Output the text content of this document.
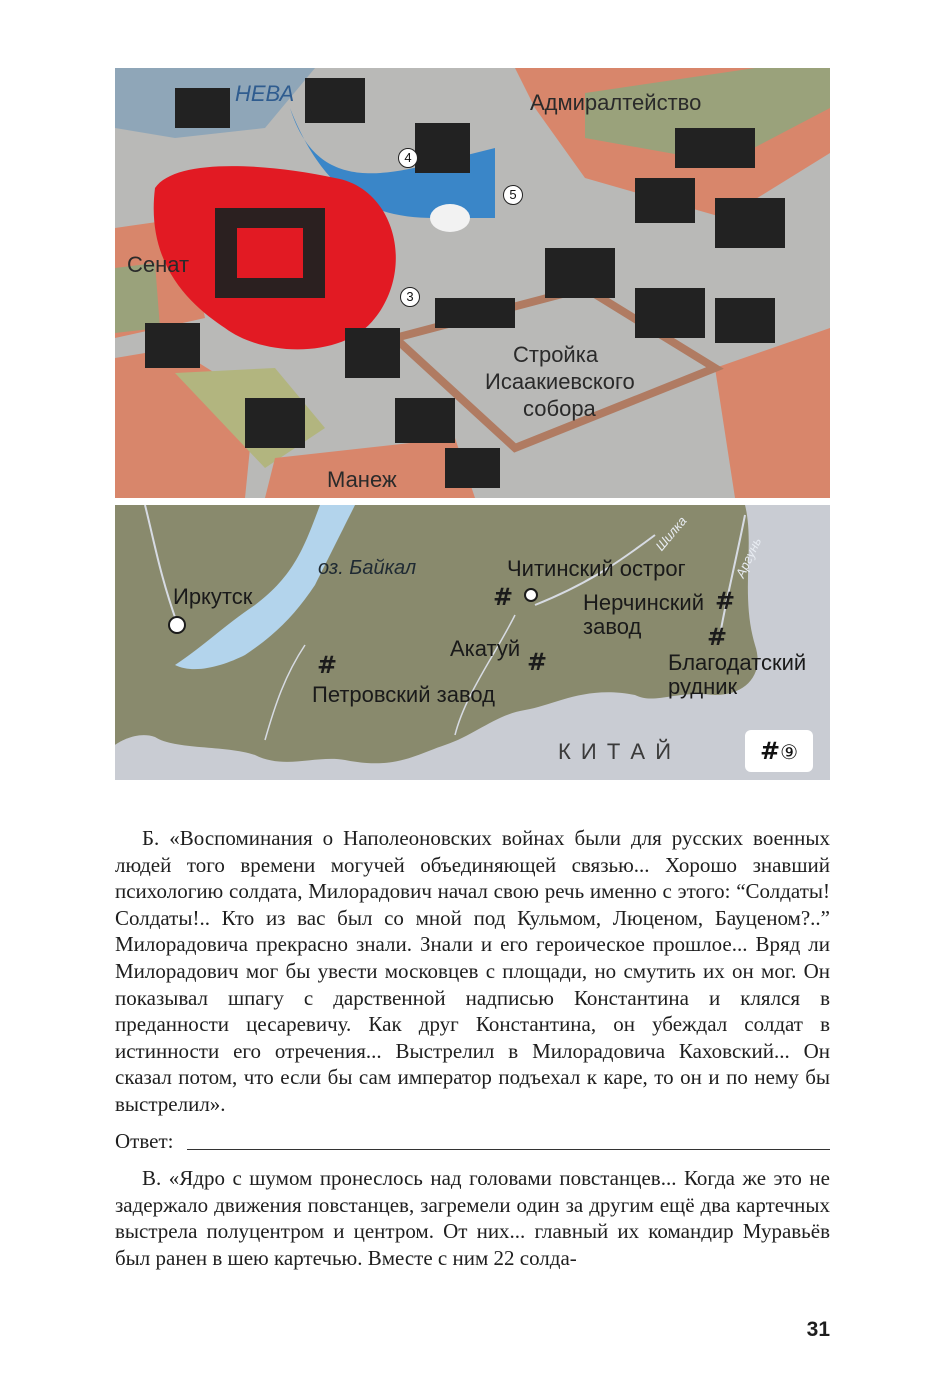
НЕВА	Адмиралтейство
Сенат
Стройка
Исаакиевского
собора
Манеж
4
5
3
оз. Байкал
Иркутск
Читинский острог
#	Нерчинский
завод
#
Акатуй #
#
Благодатский
рудник
#
Петровский завод
К И Т А Й
Шилка
Аргунь
#⑨

Б. «Воспоминания о Наполеоновских войнах были для русских военных людей того времени могучей объединяющей связью... Хорошо знавший психологию солдата, Милорадович начал свою речь именно с этого: “Солдаты! Солдаты!.. Кто из вас был со мной под Кульмом, Люценом, Бауценом?..” Милорадовича прекрасно знали. Знали и его героическое прошлое... Вряд ли Милорадович мог бы увести московцев с площади, но смутить их он мог. Он показывал шпагу с дарственной надписью Константина и клялся в преданности цесаревичу. Как друг Константина, он убеждал солдат в истинности его отречения... Выстрелил в Милорадовича Каховский... Он сказал потом, что если бы сам император подъехал к каре, то он и по нему бы выстрелил».

Ответ:

В. «Ядро с шумом пронеслось над головами повстанцев... Когда же это не задержало движения повстанцев, загремели один за другим ещё два картечных выстрела полуцентром и центром. От них... главный их командир Муравьёв был ранен в шею картечью. Вместе с ним 22 солда-

31
